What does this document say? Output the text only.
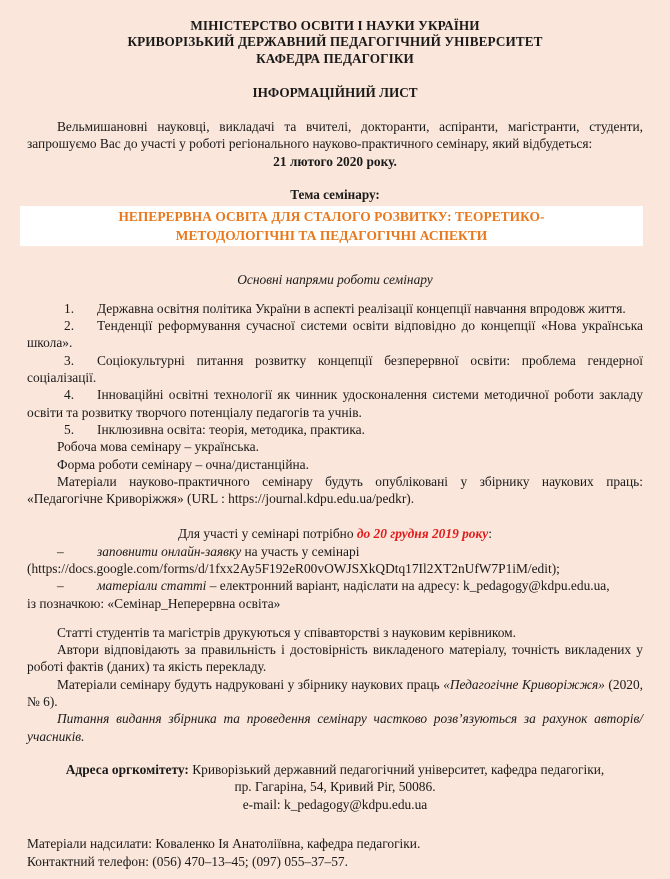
МІНІСТЕРСТВО ОСВІТИ І НАУКИ УКРАЇНИ
КРИВОРІЗЬКИЙ ДЕРЖАВНИЙ ПЕДАГОГІЧНИЙ УНІВЕРСИТЕТ
КАФЕДРА ПЕДАГОГІКИ
ІНФОРМАЦІЙНИЙ ЛИСТ

Вельмишановні науковці, викладачі та вчителі, докторанти, аспіранти, магістранти, студенти, запрошуємо Вас до участі у роботі регіонального науково-практичного семінару, який відбудеться:

21 лютого 2020 року.
Тема семінару:
НЕПЕРЕРВНА ОСВІТА ДЛЯ СТАЛОГО РОЗВИТКУ: ТЕОРЕТИКО-
МЕТОДОЛОГІЧНІ ТА ПЕДАГОГІЧНІ АСПЕКТИ
Основні напрями роботи семінару

1. Державна освітня політика України в аспекті реалізації концепції навчання впродовж життя.

2. Тенденції реформування сучасної системи освіти відповідно до концепції «Нова українська школа».

3. Соціокультурні питання розвитку концепції безперервної освіти: проблема гендерної соціалізації.

4. Інноваційні освітні технології як чинник удосконалення системи методичної роботи закладу освіти та розвитку творчого потенціалу педагогів та учнів.

5. Інклюзивна освіта: теорія, методика, практика.

Робоча мова семінару – українська.

Форма роботи семінару – очна/дистанційна.

Матеріали науково-практичного семінару будуть опубліковані у збірнику наукових праць: «Педагогічне Криворіжжя» (URL : https://journal.kdpu.edu.ua/pedkr).

Для участі у семінарі потрібно до 20 грудня 2019 року:

– заповнити онлайн-заявку на участь у семінарі

(https://docs.google.com/forms/d/1fxx2Ay5F192eR00vOWJSXkQDtq17Il2XT2nUfW7P1iM/edit);

– матеріали статті – електронний варіант, надіслати на адресу: k_pedagogy@kdpu.edu.ua,

із позначкою: «Семінар_Неперервна освіта»

Статті студентів та магістрів друкуються у співавторстві з науковим керівником.

Автори відповідають за правильність і достовірність викладеного матеріалу, точність викладених у роботі фактів (даних) та якість перекладу.

Матеріали семінару будуть надруковані у збірнику наукових праць «Педагогічне Криворіжжя» (2020, № 6).

Питання видання збірника та проведення семінару частково розв’язуються за рахунок авторів/учасників.

Адреса оргкомітету: Криворізький державний педагогічний університет, кафедра педагогіки,
пр. Гагаріна, 54, Кривий Ріг, 50086.
e-mail: k_pedagogy@kdpu.edu.ua
Матеріали надсилати: Коваленко Ія Анатоліївна, кафедра педагогіки.
Контактний телефон: (056) 470–13–45; (097) 055–37–57.
